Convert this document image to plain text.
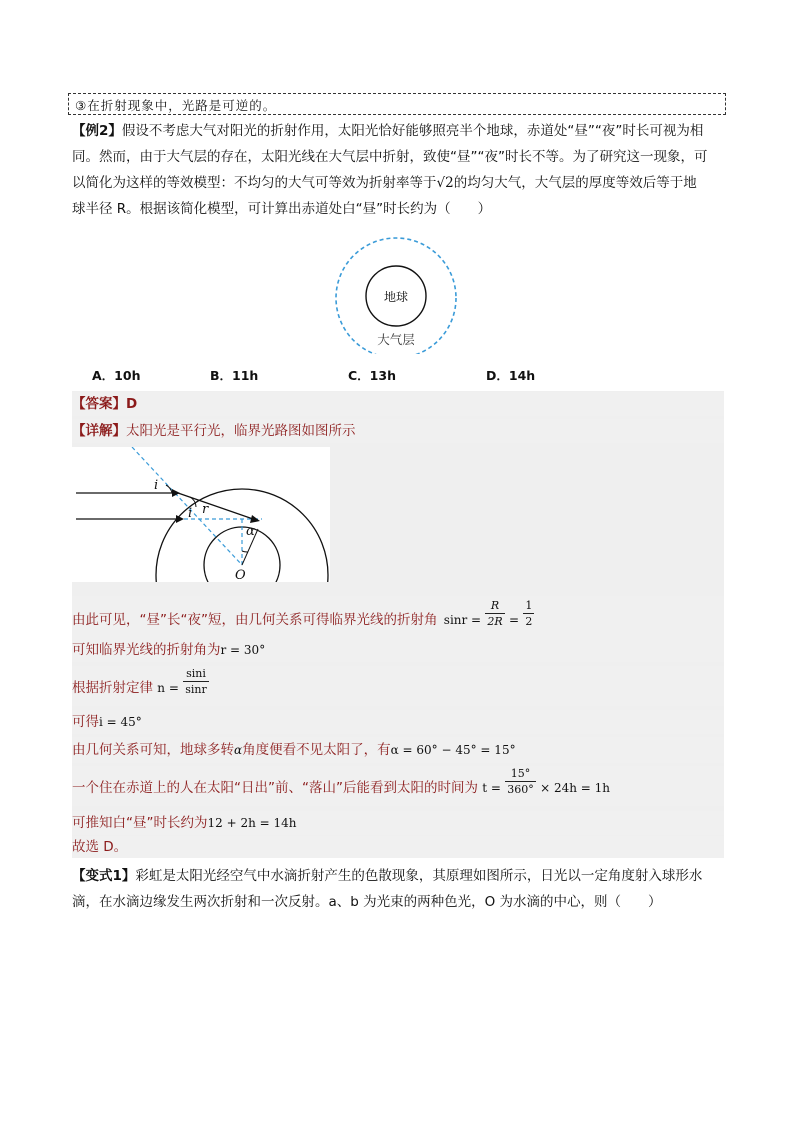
③在折射现象中，光路是可逆的。
【例2】假设不考虑大气对阳光的折射作用，太阳光恰好能够照亮半个地球，赤道处“昼”“夜”时长可视为相
同。然而，由于大气层的存在，太阳光线在大气层中折射，致使“昼”“夜”时长不等。为了研究这一现象，可
以简化为这样的等效模型：不均匀的大气可等效为折射率等于√2的均匀大气，大气层的厚度等效后等于地
球半径 R。根据该简化模型，可计算出赤道处白“昼”时长约为（　　）
地球
大气层
A．10h	B．11h	C．13h	D．14h
【答案】D
【详解】太阳光是平行光，临界光路图如图所示
i
i r
α
O
由此可见，“昼”长“夜”短，由几何关系可得临界光线的折射角 $\sin r = \frac{R}{2R} = \frac{1}{2}$
可知临界光线的折射角为r = 30°
根据折射定律 $n = \frac{\sin i}{\sin r}$
可得i = 45°
由几何关系可知，地球多转α角度便看不见太阳了，有α = 60° − 45° = 15°
一个住在赤道上的人在太阳“日出”前、“落山”后能看到太阳的时间为 $t = \frac{15^\circ}{360^\circ} \times 24h = 1h$
可推知白“昼”时长约为12 + 2h = 14h
故选 D。
【变式1】彩虹是太阳光经空气中水滴折射产生的色散现象，其原理如图所示，日光以一定角度射入球形水
滴，在水滴边缘发生两次折射和一次反射。a、b 为光束的两种色光，O 为水滴的中心，则（　　）
